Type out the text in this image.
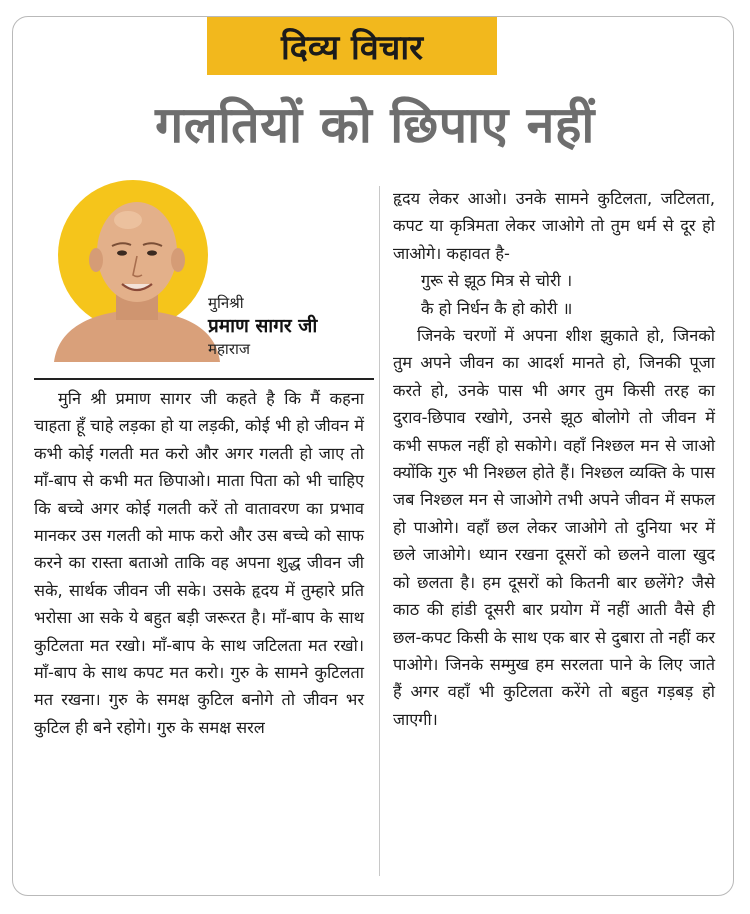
दिव्य विचार
गलतियों को छिपाए नहीं
मुनिश्री
प्रमाण सागर जी
महाराज

मुनि श्री प्रमाण सागर जी कहते है कि मैं कहना चाहता हूँ चाहे लड़का हो या लड़की, कोई भी हो जीवन में कभी कोई गलती मत करो और अगर गलती हो जाए तो माँ-बाप से कभी मत छिपाओ। माता पिता को भी चाहिए कि बच्चे अगर कोई गलती करें तो वातावरण का प्रभाव मानकर उस गलती को माफ करो और उस बच्चे को साफ करने का रास्ता बताओ ताकि वह अपना शुद्ध जीवन जी सके, सार्थक जीवन जी सके। उसके हृदय में तुम्हारे प्रति भरोसा आ सके ये बहुत बड़ी जरूरत है। माँ-बाप के साथ कुटिलता मत रखो। माँ-बाप के साथ जटिलता मत रखो। माँ-बाप के साथ कपट मत करो। गुरु के सामने कुटिलता मत रखना। गुरु के समक्ष कुटिल बनोगे तो जीवन भर कुटिल ही बने रहोगे। गुरु के समक्ष सरल

हृदय लेकर आओ। उनके सामने कुटिलता, जटिलता, कपट या कृत्रिमता लेकर जाओगे तो तुम धर्म से दूर हो जाओगे। कहावत है-

गुरू से झूठ मित्र से चोरी ।

कै हो निर्धन कै हो कोरी ॥

जिनके चरणों में अपना शीश झुकाते हो, जिनको तुम अपने जीवन का आदर्श मानते हो, जिनकी पूजा करते हो, उनके पास भी अगर तुम किसी तरह का दुराव-छिपाव रखोगे, उनसे झूठ बोलोगे तो जीवन में कभी सफल नहीं हो सकोगे। वहाँ निश्छल मन से जाओ क्योंकि गुरु भी निश्छल होते हैं। निश्छल व्यक्ति के पास जब निश्छल मन से जाओगे तभी अपने जीवन में सफल हो पाओगे। वहाँ छल लेकर जाओगे तो दुनिया भर में छले जाओगे। ध्यान रखना दूसरों को छलने वाला खुद को छलता है। हम दूसरों को कितनी बार छलेंगे? जैसे काठ की हांडी दूसरी बार प्रयोग में नहीं आती वैसे ही छल-कपट किसी के साथ एक बार से दुबारा तो नहीं कर पाओगे। जिनके सम्मुख हम सरलता पाने के लिए जाते हैं अगर वहाँ भी कुटिलता करेंगे तो बहुत गड़बड़ हो जाएगी।
